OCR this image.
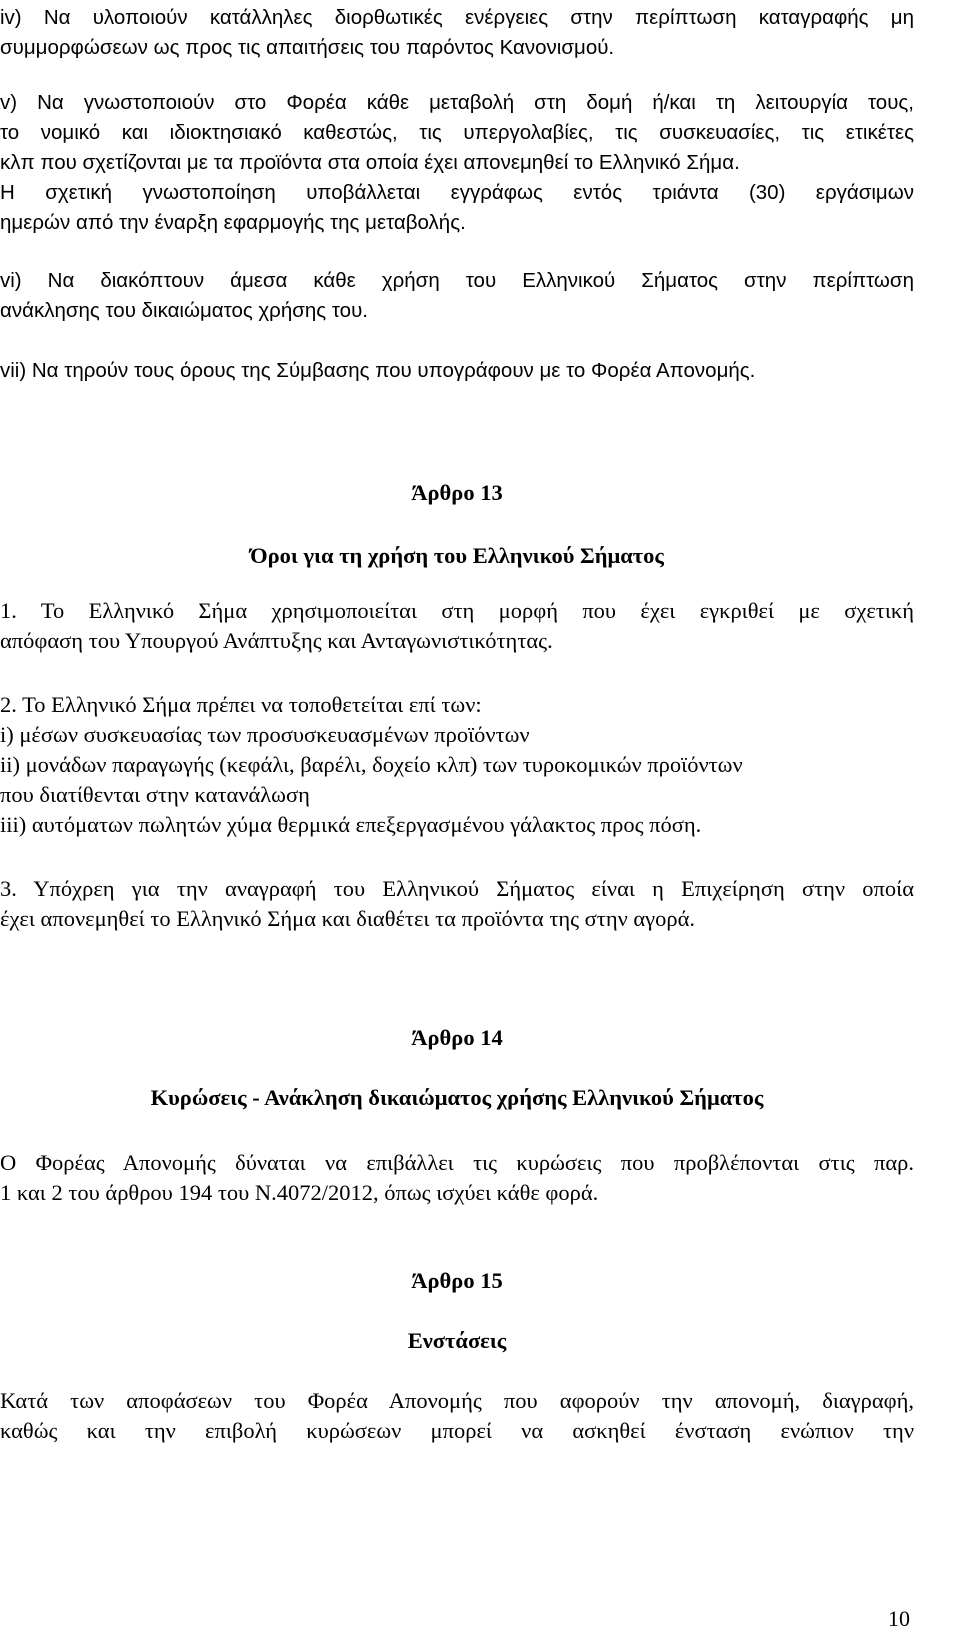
iv) Να υλοποιούν κατάλληλες διορθωτικές ενέργειες στην περίπτωση καταγραφής μη
συμμορφώσεων ως προς τις απαιτήσεις του παρόντος Κανονισμού.
v) Να γνωστοποιούν στο Φορέα κάθε μεταβολή στη δομή ή/και τη λειτουργία τους,
το νομικό και ιδιοκτησιακό καθεστώς, τις υπεργολαβίες, τις συσκευασίες, τις ετικέτες
κλπ που σχετίζονται με τα προϊόντα στα οποία έχει απονεμηθεί το Ελληνικό Σήμα.
Η σχετική γνωστοποίηση υποβάλλεται εγγράφως εντός τριάντα (30) εργάσιμων
ημερών από την έναρξη εφαρμογής της μεταβολής.
vi) Να διακόπτουν άμεσα κάθε χρήση του Ελληνικού Σήματος στην περίπτωση
ανάκλησης του δικαιώματος χρήσης του.
vii) Να τηρούν τους όρους της Σύμβασης που υπογράφουν με το Φορέα Απονομής.
Άρθρο 13
Όροι για τη χρήση του Ελληνικού Σήματος
1. Το Ελληνικό Σήμα χρησιμοποιείται στη μορφή που έχει εγκριθεί με σχετική
απόφαση του Υπουργού Ανάπτυξης και Ανταγωνιστικότητας.
2. Το Ελληνικό Σήμα πρέπει να τοποθετείται επί των:
i) μέσων συσκευασίας των προσυσκευασμένων προϊόντων
ii) μονάδων παραγωγής (κεφάλι, βαρέλι, δοχείο κλπ) των τυροκομικών προϊόντων
που διατίθενται στην κατανάλωση
iii) αυτόματων πωλητών χύμα θερμικά επεξεργασμένου γάλακτος προς πόση.
3. Υπόχρεη για την αναγραφή του Ελληνικού Σήματος είναι η Επιχείρηση στην οποία
έχει απονεμηθεί το Ελληνικό Σήμα και διαθέτει τα προϊόντα της στην αγορά.
Άρθρο 14
Κυρώσεις - Ανάκληση δικαιώματος χρήσης Ελληνικού Σήματος
Ο Φορέας Απονομής δύναται να επιβάλλει τις κυρώσεις που προβλέπονται στις παρ.
1 και 2 του άρθρου 194 του Ν.4072/2012, όπως ισχύει κάθε φορά.
Άρθρο 15
Ενστάσεις
Κατά των αποφάσεων του Φορέα Απονομής που αφορούν την απονομή, διαγραφή,
καθώς και την επιβολή κυρώσεων μπορεί να ασκηθεί ένσταση ενώπιον την
10
